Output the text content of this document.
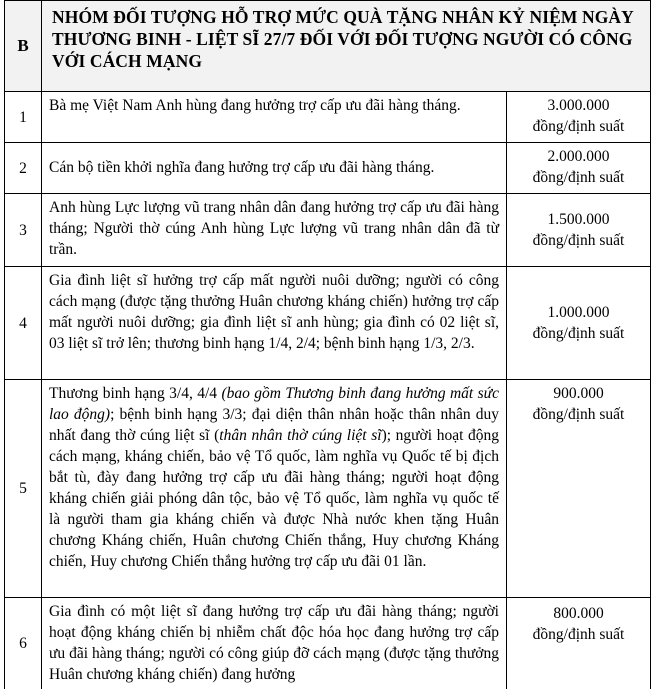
B	NHÓM ĐỐI TƯỢNG HỖ TRỢ MỨC QUÀ TẶNG NHÂN KỶ NIỆM NGÀY THƯƠNG BINH - LIỆT SĨ 27/7 ĐỐI VỚI ĐỐI TƯỢNG NGƯỜI CÓ CÔNG VỚI CÁCH MẠNG	
1	Bà mẹ Việt Nam Anh hùng đang hưởng trợ cấp ưu đãi hàng tháng.	3.000.000
đồng/định suất
2	Cán bộ tiền khởi nghĩa đang hưởng trợ cấp ưu đãi hàng tháng.	2.000.000
đồng/định suất
3	Anh hùng Lực lượng vũ trang nhân dân đang hưởng trợ cấp ưu đãi hàng tháng; Người thờ cúng Anh hùng Lực lượng vũ trang nhân dân đã từ trần.	1.500.000
đồng/định suất
4	Gia đình liệt sĩ hưởng trợ cấp mất người nuôi dưỡng; người có công cách mạng (được tặng thưởng Huân chương kháng chiến) hưởng trợ cấp mất người nuôi dưỡng; gia đình liệt sĩ anh hùng; gia đình có 02 liệt sĩ, 03 liệt sĩ trở lên; thương binh hạng 1/4, 2/4; bệnh binh hạng 1/3, 2/3.	1.000.000
đồng/định suất
5	Thương binh hạng 3/4, 4/4 (bao gồm Thương binh đang hưởng mất sức lao động); bệnh binh hạng 3/3; đại diện thân nhân hoặc thân nhân duy nhất đang thờ cúng liệt sĩ (thân nhân thờ cúng liệt sĩ); người hoạt động cách mạng, kháng chiến, bảo vệ Tổ quốc, làm nghĩa vụ Quốc tế bị địch bắt tù, đày đang hưởng trợ cấp ưu đãi hàng tháng; người hoạt động kháng chiến giải phóng dân tộc, bảo vệ Tổ quốc, làm nghĩa vụ quốc tế là người tham gia kháng chiến và được Nhà nước khen tặng Huân chương Kháng chiến, Huân chương Chiến thắng, Huy chương Kháng chiến, Huy chương Chiến thắng hưởng trợ cấp ưu đãi 01 lần.	900.000
đồng/định suất
6	Gia đình có một liệt sĩ đang hưởng trợ cấp ưu đãi hàng tháng; người hoạt động kháng chiến bị nhiễm chất độc hóa học đang hưởng trợ cấp ưu đãi hàng tháng; người có công giúp đỡ cách mạng (được tặng thưởng Huân chương kháng chiến) đang hưởng	800.000
đồng/định suất
